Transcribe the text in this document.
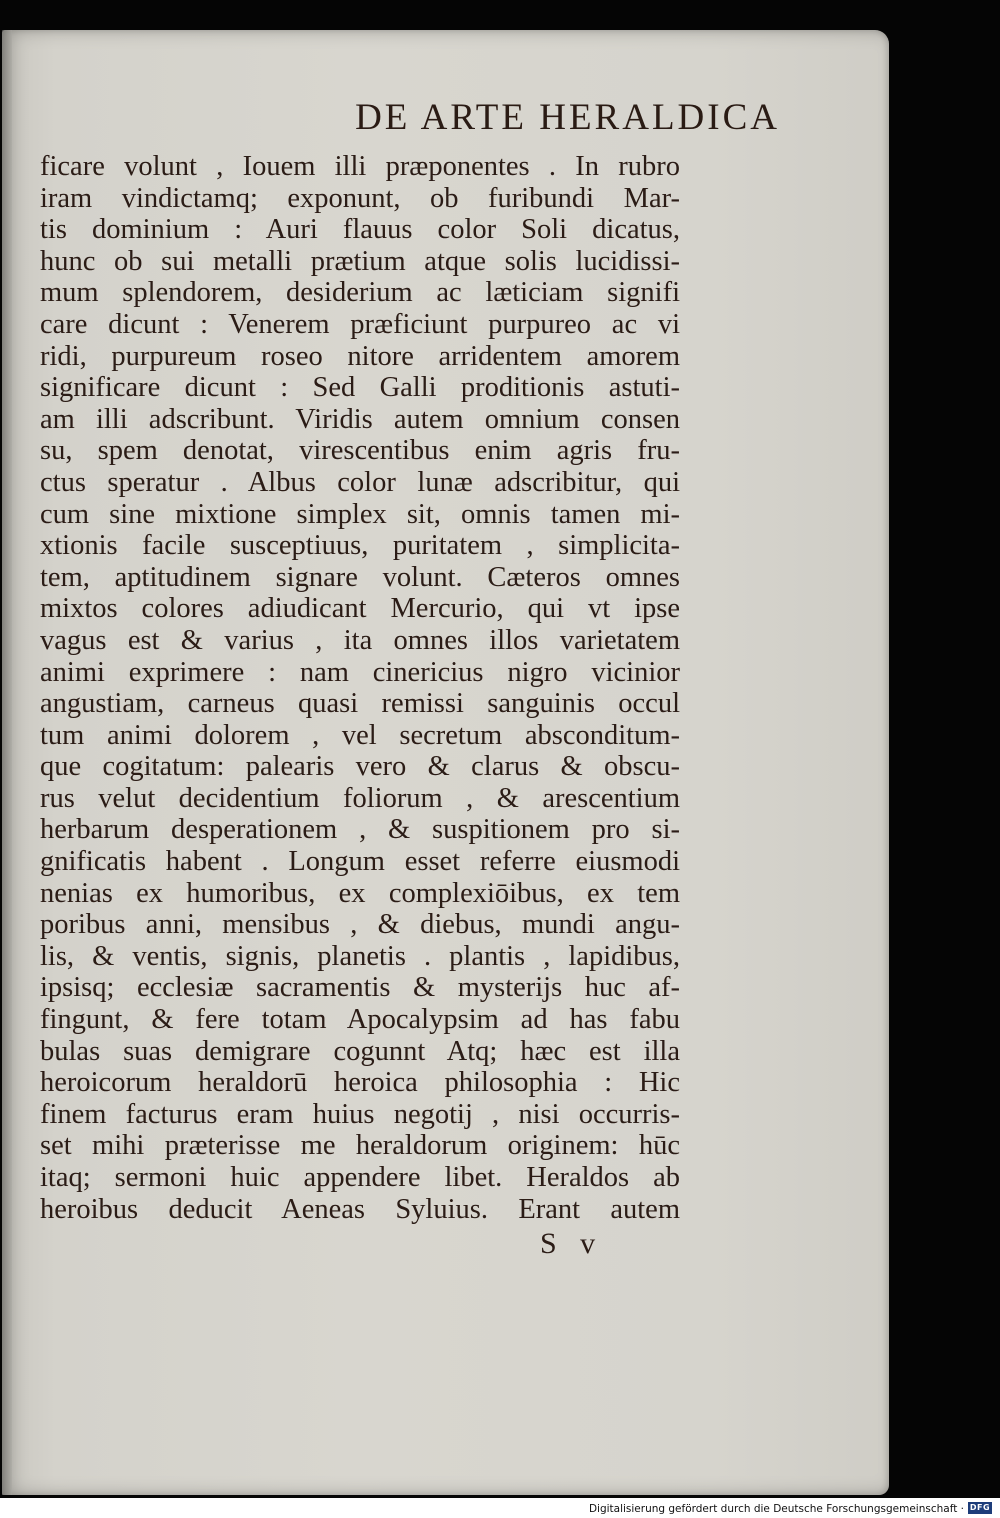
DE ARTE HERALDICA
ficare volunt , Iouem illi præponentes . In rubro
iram vindictamq; exponunt, ob furibundi Mar-
tis dominium : Auri flauus color Soli dicatus,
hunc ob sui metalli prætium atque solis lucidissi-
mum splendorem, desiderium ac læticiam signifi
care dicunt : Venerem præficiunt purpureo ac vi
ridi, purpureum roseo nitore arridentem amorem
significare dicunt : Sed Galli proditionis astuti-
am illi adscribunt. Viridis autem omnium consen
su, spem denotat, virescentibus enim agris fru-
ctus speratur . Albus color lunæ adscribitur, qui
cum sine mixtione simplex sit, omnis tamen mi-
xtionis facile susceptiuus, puritatem , simplicita-
tem, aptitudinem signare volunt. Cæteros omnes
mixtos colores adiudicant Mercurio, qui vt ipse
vagus est & varius , ita omnes illos varietatem
animi exprimere : nam cinericius nigro vicinior
angustiam, carneus quasi remissi sanguinis occul
tum animi dolorem , vel secretum absconditum-
que cogitatum: palearis vero & clarus & obscu-
rus velut decidentium foliorum , & arescentium
herbarum desperationem , & suspitionem pro si-
gnificatis habent . Longum esset referre eiusmodi
nenias ex humoribus, ex complexiōibus, ex tem
poribus anni, mensibus , & diebus, mundi angu-
lis, & ventis, signis, planetis . plantis , lapidibus,
ipsisq; ecclesiæ sacramentis & mysterijs huc af-
fingunt, & fere totam Apocalypsim ad has fabu
bulas suas demigrare cogunnt Atq; hæc est illa
heroicorum heraldorū heroica philosophia : Hic
finem facturus eram huius negotij , nisi occurris-
set mihi præterisse me heraldorum originem: hūc
itaq; sermoni huic appendere libet. Heraldos ab
heroibus deducit Aeneas Syluius. Erant autem
S v
Digitalisierung gefördert durch die Deutsche Forschungsgemeinschaft · DFG
